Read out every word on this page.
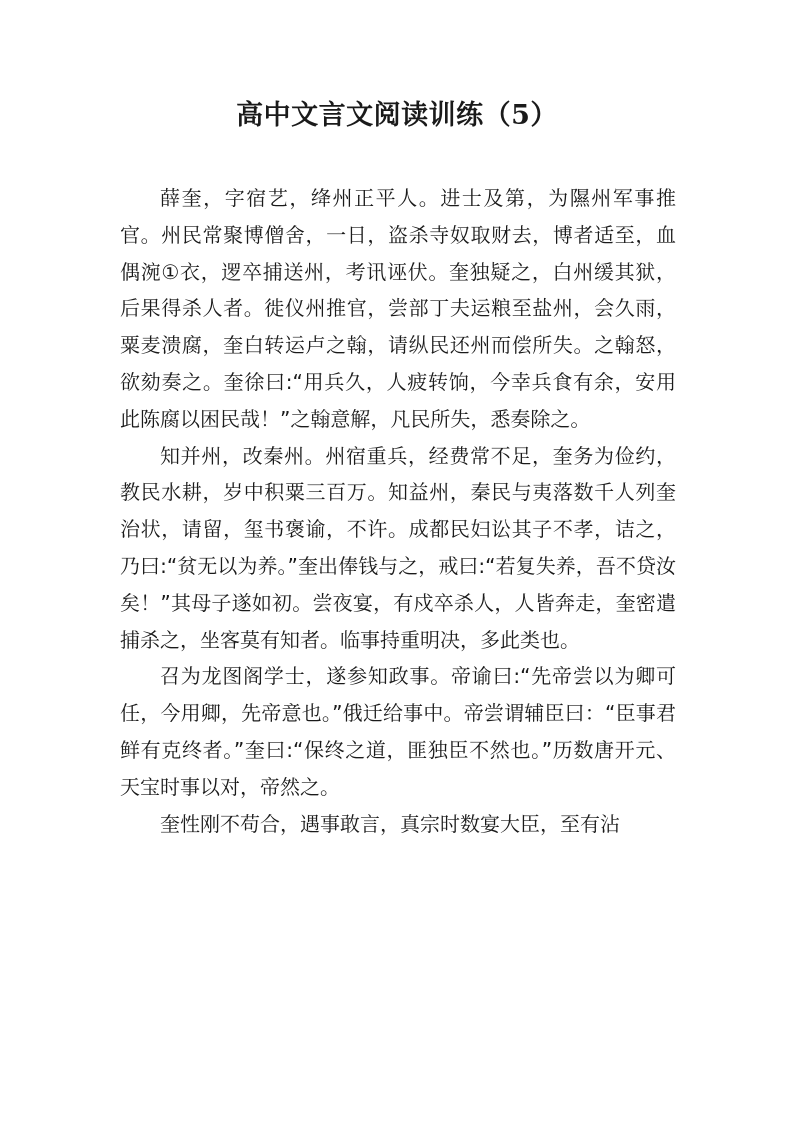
高中文言文阅读训练（5）

薛奎，字宿艺，绛州正平人。进士及第，为隰州军事推官。州民常聚博僧舍，一日，盗杀寺奴取财去，博者适至，血偶涴①衣，逻卒捕送州，考讯诬伏。奎独疑之，白州缓其狱，后果得杀人者。徙仪州推官，尝部丁夫运粮至盐州，会久雨，粟麦溃腐，奎白转运卢之翰，请纵民还州而偿所失。之翰怒，欲劾奏之。奎徐曰:“用兵久，人疲转饷，今幸兵食有余，安用此陈腐以困民哉！”之翰意解，凡民所失，悉奏除之。

知并州，改秦州。州宿重兵，经费常不足，奎务为俭约，教民水耕，岁中积粟三百万。知益州，秦民与夷落数千人列奎治状，请留，玺书褒谕，不许。成都民妇讼其子不孝，诘之，乃曰:“贫无以为养。”奎出俸钱与之，戒曰:“若复失养，吾不贷汝矣！”其母子遂如初。尝夜宴，有戍卒杀人，人皆奔走，奎密遣捕杀之，坐客莫有知者。临事持重明决，多此类也。

召为龙图阁学士，遂参知政事。帝谕曰:“先帝尝以为卿可任，今用卿，先帝意也。”俄迁给事中。帝尝谓辅臣曰：“臣事君鲜有克终者。”奎曰:“保终之道，匪独臣不然也。”历数唐开元、天宝时事以对，帝然之。

奎性刚不苟合，遇事敢言，真宗时数宴大臣，至有沾
